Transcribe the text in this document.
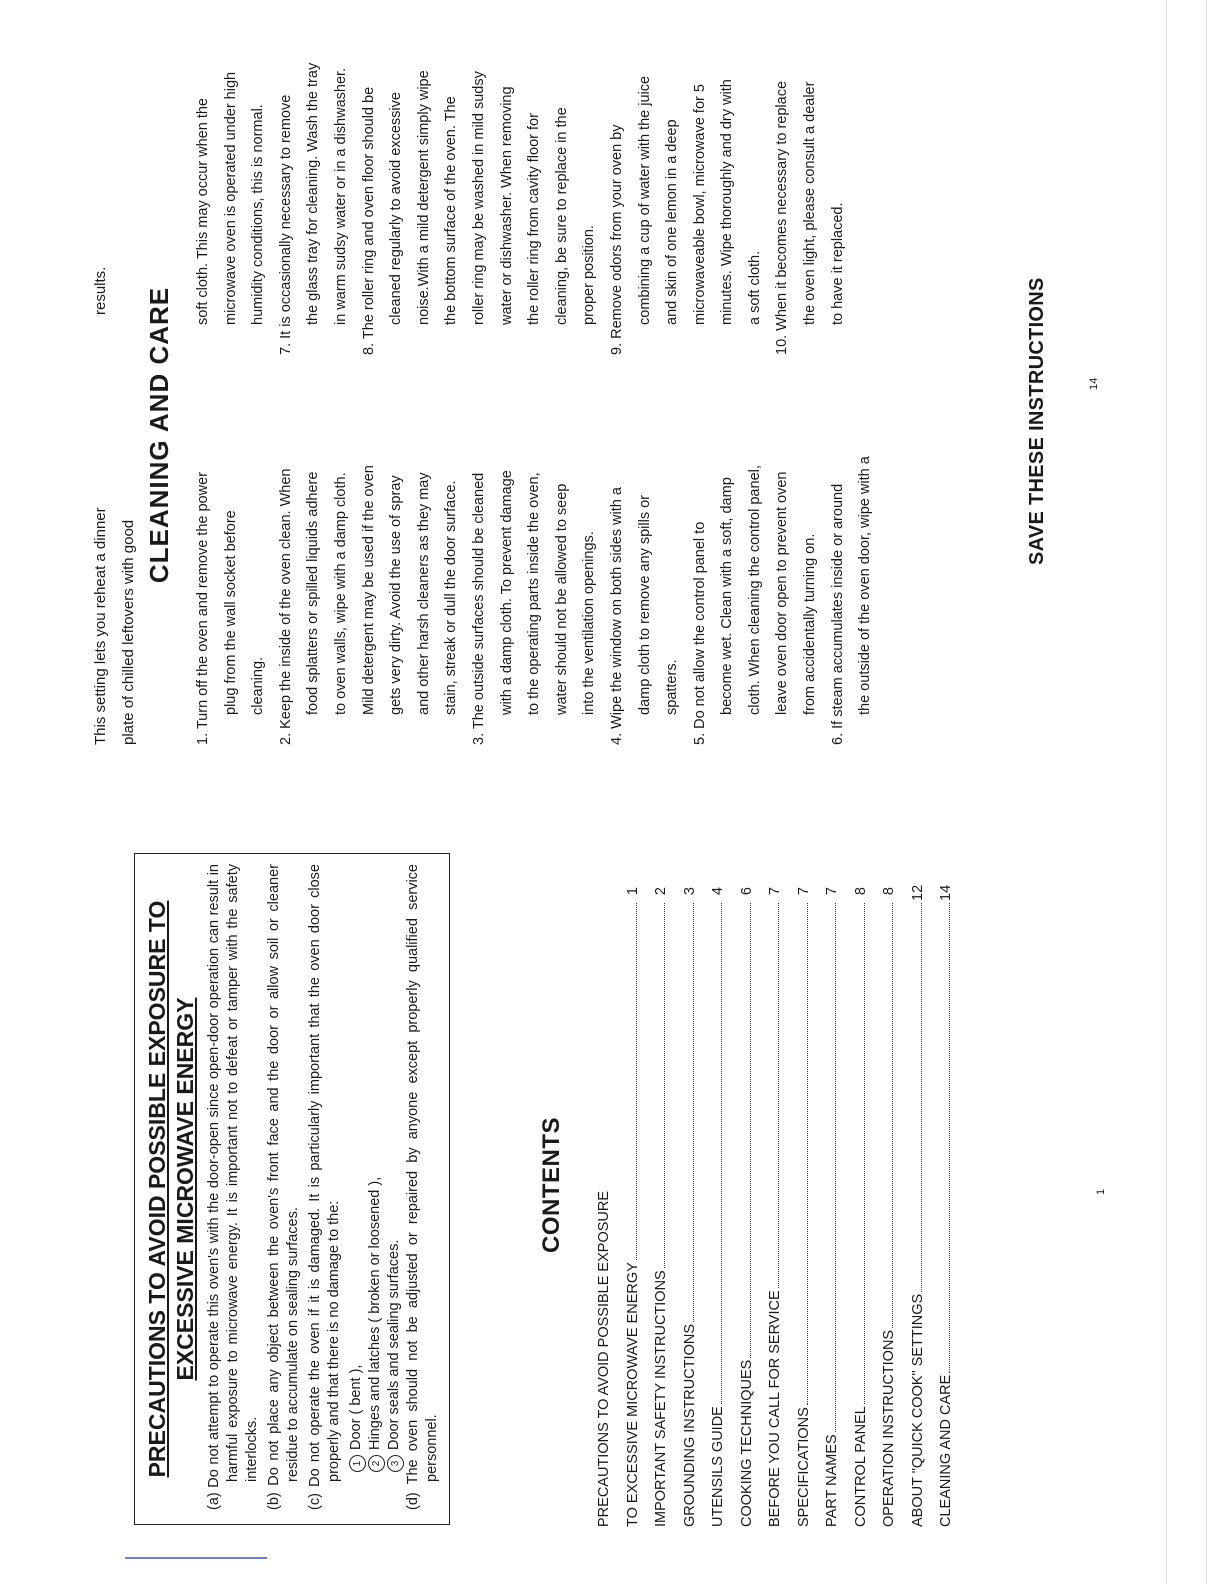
PRECAUTIONS TO AVOID POSSIBLE EXPOSURE TO EXCESSIVE MICROWAVE ENERGY (a) Do not attempt to operate this oven's with the door-open since open-door operation can result in harmful exposure to microwave energy. It is important not to defeat or tamper with the safety interlocks. (b) Do not place any object between the oven's front face and the door or allow soil or cleaner residue to accumulate on sealing surfaces. (c) Do not operate the oven if it is damaged. It is particularly important that the oven door close properly and that there is no damage to the:	1Door ( bent ),
2Hinges and latches ( broken or loosened ),
3Door seals and sealing surfaces. (d) The oven should not be adjusted or repaired by anyone except properly qualified service personnel.
CONTENTS
PRECAUTIONS TO AVOID POSSIBLE EXPOSURE TO EXCESSIVE MICROWAVE ENERGY
1
IMPORTANT SAFETY INSTRUCTIONS
2
GROUNDING INSTRUCTIONS
3
UTENSILS GUIDE
4
COOKING TECHNIQUES
6
BEFORE YOU CALL FOR SERVICE
7
SPECIFICATIONS
7
PART NAMES
7
CONTROL PANEL
8
OPERATION INSTRUCTIONS
8
ABOUT "QUICK COOK" SETTINGS
12
CLEANING AND CARE
14
1
This setting lets you reheat a dinner plate of chilled leftovers with good
results. CLEANING AND CARE
1. Turn off the oven and remove the power plug from the wall socket before cleaning. 2. Keep the inside of the oven clean. When food splatters or spilled liquids adhere to oven walls, wipe with a damp cloth. Mild detergent may be used if the oven gets very dirty. Avoid the use of spray and other harsh cleaners as they may stain, streak or dull the door surface. 3. The outside surfaces should be cleaned with a damp cloth. To prevent damage to the operating parts inside the oven, water should not be allowed to seep into the ventilation openings. 4. Wipe the window on both sides with a damp cloth to remove any spills or spatters. 5. Do not allow the control panel to become wet. Clean with a soft, damp cloth. When cleaning the control panel, leave oven door open to prevent oven from accidentally turning on. 6. If steam accumulates inside or around the outside of the oven door, wipe with a
soft cloth. This may occur when the microwave oven is operated under high humidity conditions, this is normal. 7. It is occasionally necessary to remove the glass tray for cleaning. Wash the tray in warm sudsy water or in a dishwasher. 8. The roller ring and oven floor should be cleaned regularly to avoid excessive noise.With a mild detergent simply wipe the bottom surface of the oven. The roller ring may be washed in mild sudsy water or dishwasher. When removing the roller ring from cavity floor for cleaning, be sure to replace in the proper position. 9. Remove odors from your oven by combining a cup of water with the juice and skin of one lemon in a deep microwaveable bowl, microwave for 5 minutes. Wipe thoroughly and dry with a soft cloth. 10. When it becomes necessary to replace the oven light, please consult a dealer to have it replaced.
SAVE THESE INSTRUCTIONS	14
